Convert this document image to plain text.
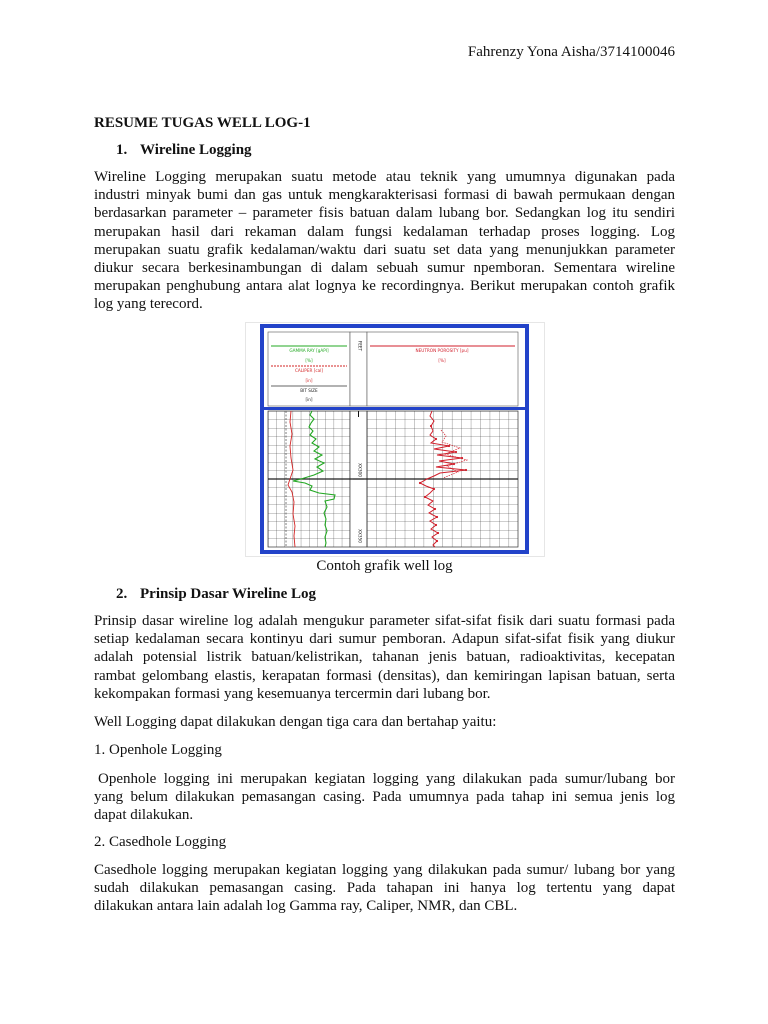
Fahrenzy Yona Aisha/3714100046
RESUME TUGAS WELL LOG-1
1. Wireline Logging
Wireline Logging merupakan suatu metode atau teknik yang umumnya digunakan pada
industri minyak bumi dan gas untuk mengkarakterisasi formasi di bawah permukaan dengan
berdasarkan parameter – parameter fisis batuan dalam lubang bor. Sedangkan log itu sendiri
merupakan hasil dari rekaman dalam fungsi kedalaman terhadap proses logging. Log
merupakan suatu grafik kedalaman/waktu dari suatu set data yang menunjukkan parameter
diukur secara berkesinambungan di dalam sebuah sumur npemboran. Sementara wireline
merupakan penghubung antara alat lognya ke recordingnya. Berikut merupakan contoh grafik
log yang terecord.
GAMMA RAY [gAPI]
[%]
CALIPER [cal]
[in]
BIT SIZE
[in]
FEET	NEUTRON POROSITY [pu]
[%]
XX300
XX350
Contoh grafik well log
2. Prinsip Dasar Wireline Log
Prinsip dasar wireline log adalah mengukur parameter sifat-sifat fisik dari suatu formasi pada
setiap kedalaman secara kontinyu dari sumur pemboran. Adapun sifat-sifat fisik yang diukur
adalah potensial listrik batuan/kelistrikan, tahanan jenis batuan, radioaktivitas, kecepatan
rambat gelombang elastis, kerapatan formasi (densitas), dan kemiringan lapisan batuan, serta
kekompakan formasi yang kesemuanya tercermin dari lubang bor.
Well Logging dapat dilakukan dengan tiga cara dan bertahap yaitu:
1. Openhole Logging
Openhole logging ini merupakan kegiatan logging yang dilakukan pada sumur/lubang bor
yang belum dilakukan pemasangan casing. Pada umumnya pada tahap ini semua jenis log
dapat dilakukan.
2. Casedhole Logging
Casedhole logging merupakan kegiatan logging yang dilakukan pada sumur/ lubang bor yang
sudah dilakukan pemasangan casing. Pada tahapan ini hanya log tertentu yang dapat
dilakukan antara lain adalah log Gamma ray, Caliper, NMR, dan CBL.
